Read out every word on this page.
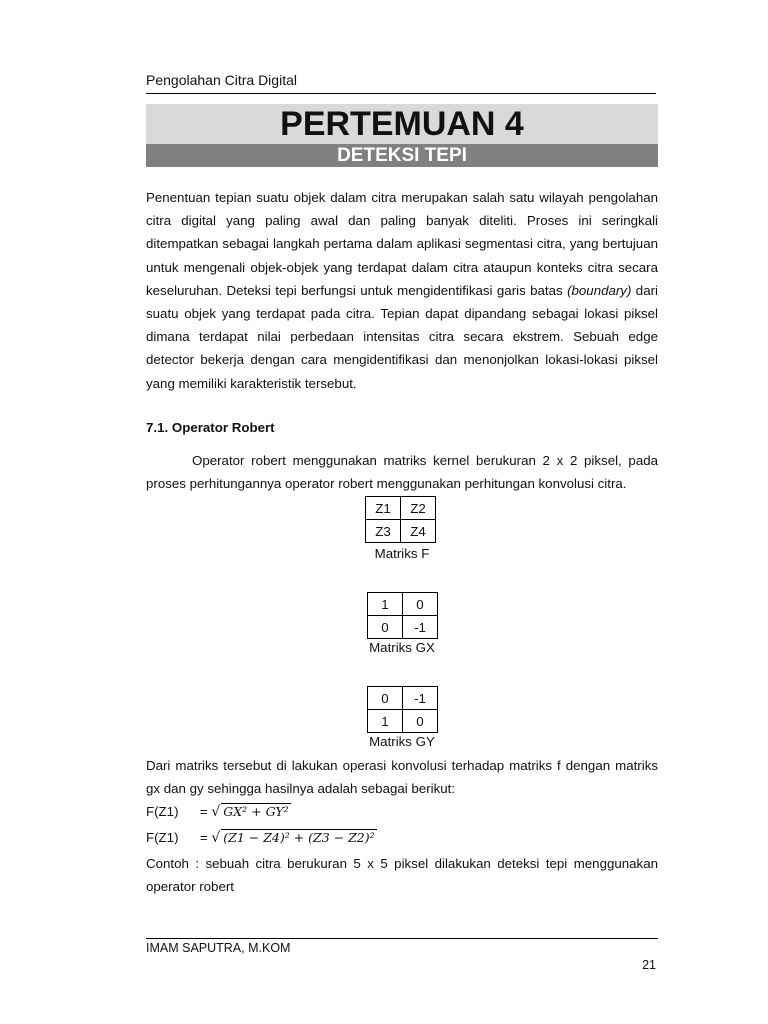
Pengolahan Citra Digital
PERTEMUAN 4
DETEKSI TEPI

Penentuan tepian suatu objek dalam citra merupakan salah satu wilayah pengolahan citra digital yang paling awal dan paling banyak diteliti. Proses ini seringkali ditempatkan sebagai langkah pertama dalam aplikasi segmentasi citra, yang bertujuan untuk mengenali objek-objek yang terdapat dalam citra ataupun konteks citra secara keseluruhan. Deteksi tepi berfungsi untuk mengidentifikasi garis batas (boundary) dari suatu objek yang terdapat pada citra. Tepian dapat dipandang sebagai lokasi piksel dimana terdapat nilai perbedaan intensitas citra secara ekstrem. Sebuah edge detector bekerja dengan cara mengidentifikasi dan menonjolkan lokasi-lokasi piksel yang memiliki karakteristik tersebut.

7.1. Operator Robert
Operator robert menggunakan matriks kernel berukuran 2 x 2 piksel, pada
proses perhitungannya operator robert menggunakan perhitungan konvolusi citra.
Z1	Z2
Z3	Z4
Matriks F
1	0
0	-1
Matriks GX
0	-1
1	0
Matriks GY

Dari matriks tersebut di lakukan operasi konvolusi terhadap matriks f dengan matriks gx dan gy sehingga hasilnya adalah sebagai berikut:

F(Z1) = √ GX² + GY²
F(Z1) = √ (Z1 − Z4)² + (Z3 − Z2)²

Contoh : sebuah citra berukuran 5 x 5 piksel dilakukan deteksi tepi menggunakan operator robert

IMAM SAPUTRA, M.KOM
21
